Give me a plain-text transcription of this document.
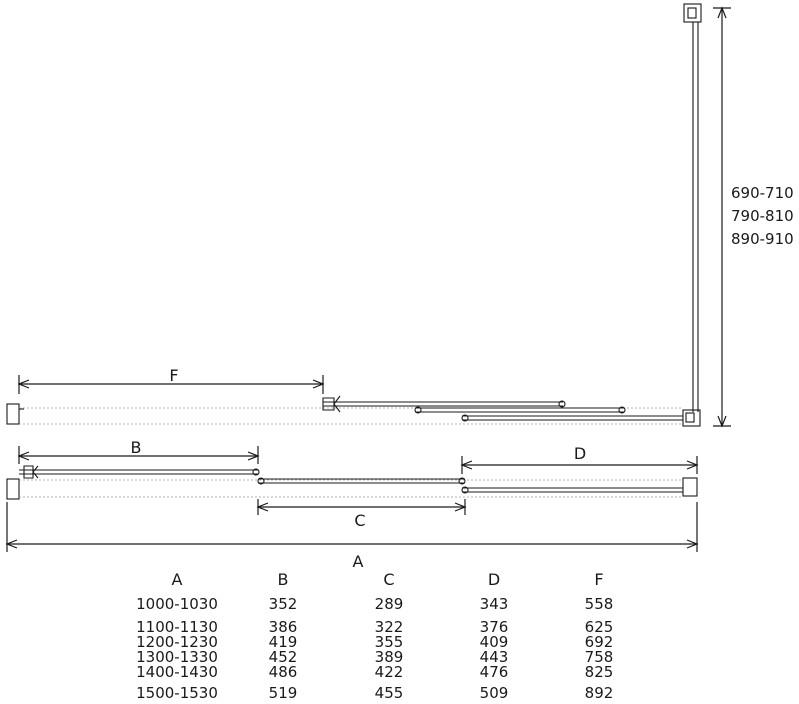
690-710
790-810
890-910
F
B
C
D
A
A	B	C	D	F
1000-1030	352	289	343	558
1100-1130	386	322	376	625
1200-1230	419	355	409	692
1300-1330	452	389	443	758
1400-1430	486	422	476	825
1500-1530	519	455	509	892
